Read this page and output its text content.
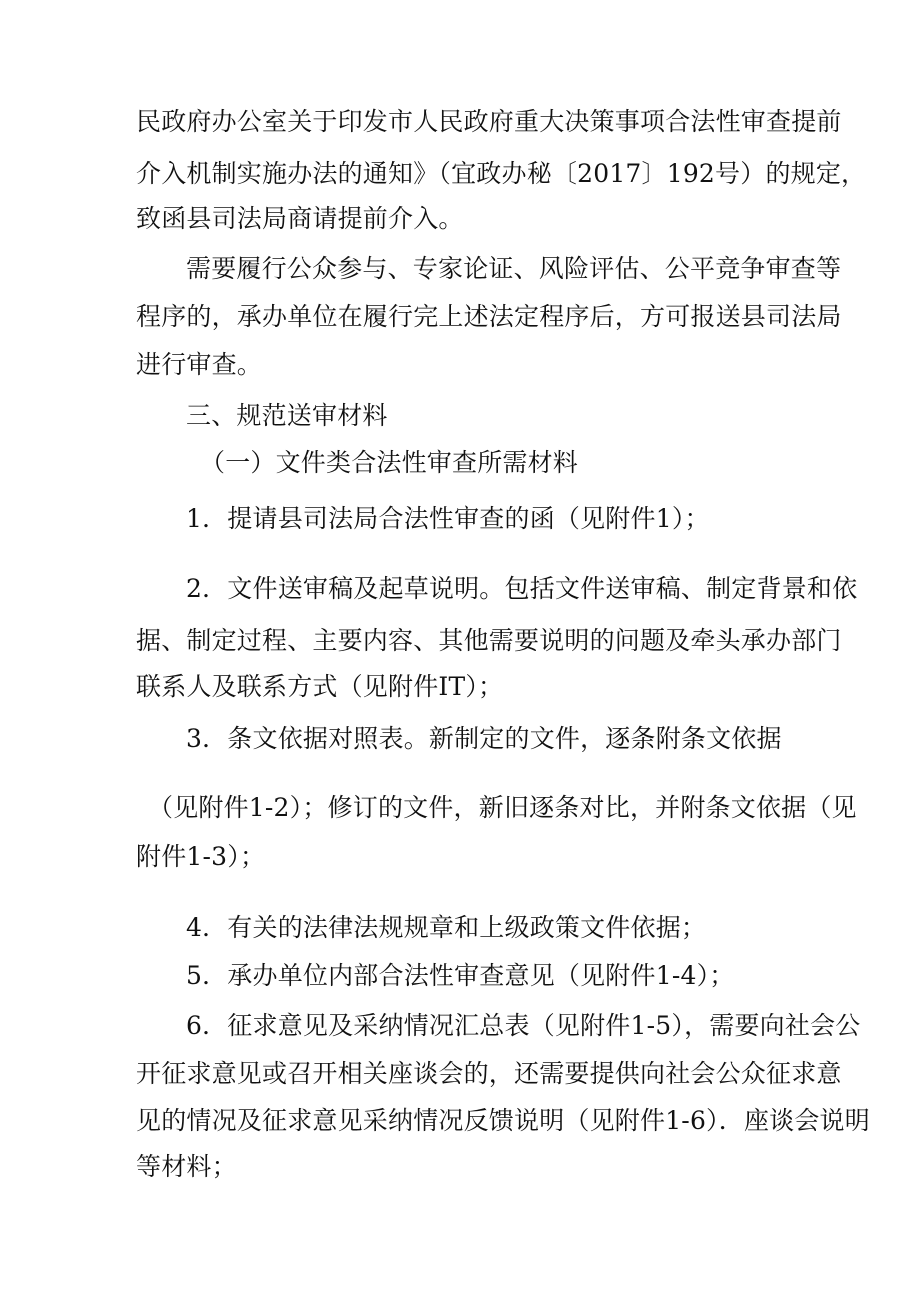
民政府办公室关于印发市人民政府重大决策事项合法性审查提前
介入机制实施办法的通知》（宜政办秘〔2017〕192号）的规定，
致函县司法局商请提前介入。
需要履行公众参与、专家论证、风险评估、公平竞争审查等
程序的，承办单位在履行完上述法定程序后，方可报送县司法局
进行审查。
三、规范送审材料
（一）文件类合法性审查所需材料
1．提请县司法局合法性审查的函（见附件1）；
2．文件送审稿及起草说明。包括文件送审稿、制定背景和依
据、制定过程、主要内容、其他需要说明的问题及牵头承办部门
联系人及联系方式（见附件IT）；
3．条文依据对照表。新制定的文件，逐条附条文依据
（见附件1-2）；修订的文件，新旧逐条对比，并附条文依据（见
附件1-3）；
4．有关的法律法规规章和上级政策文件依据；
5．承办单位内部合法性审查意见（见附件1-4）；
6．征求意见及采纳情况汇总表（见附件1-5），需要向社会公
开征求意见或召开相关座谈会的，还需要提供向社会公众征求意
见的情况及征求意见采纳情况反馈说明（见附件1-6）．座谈会说明
等材料；
